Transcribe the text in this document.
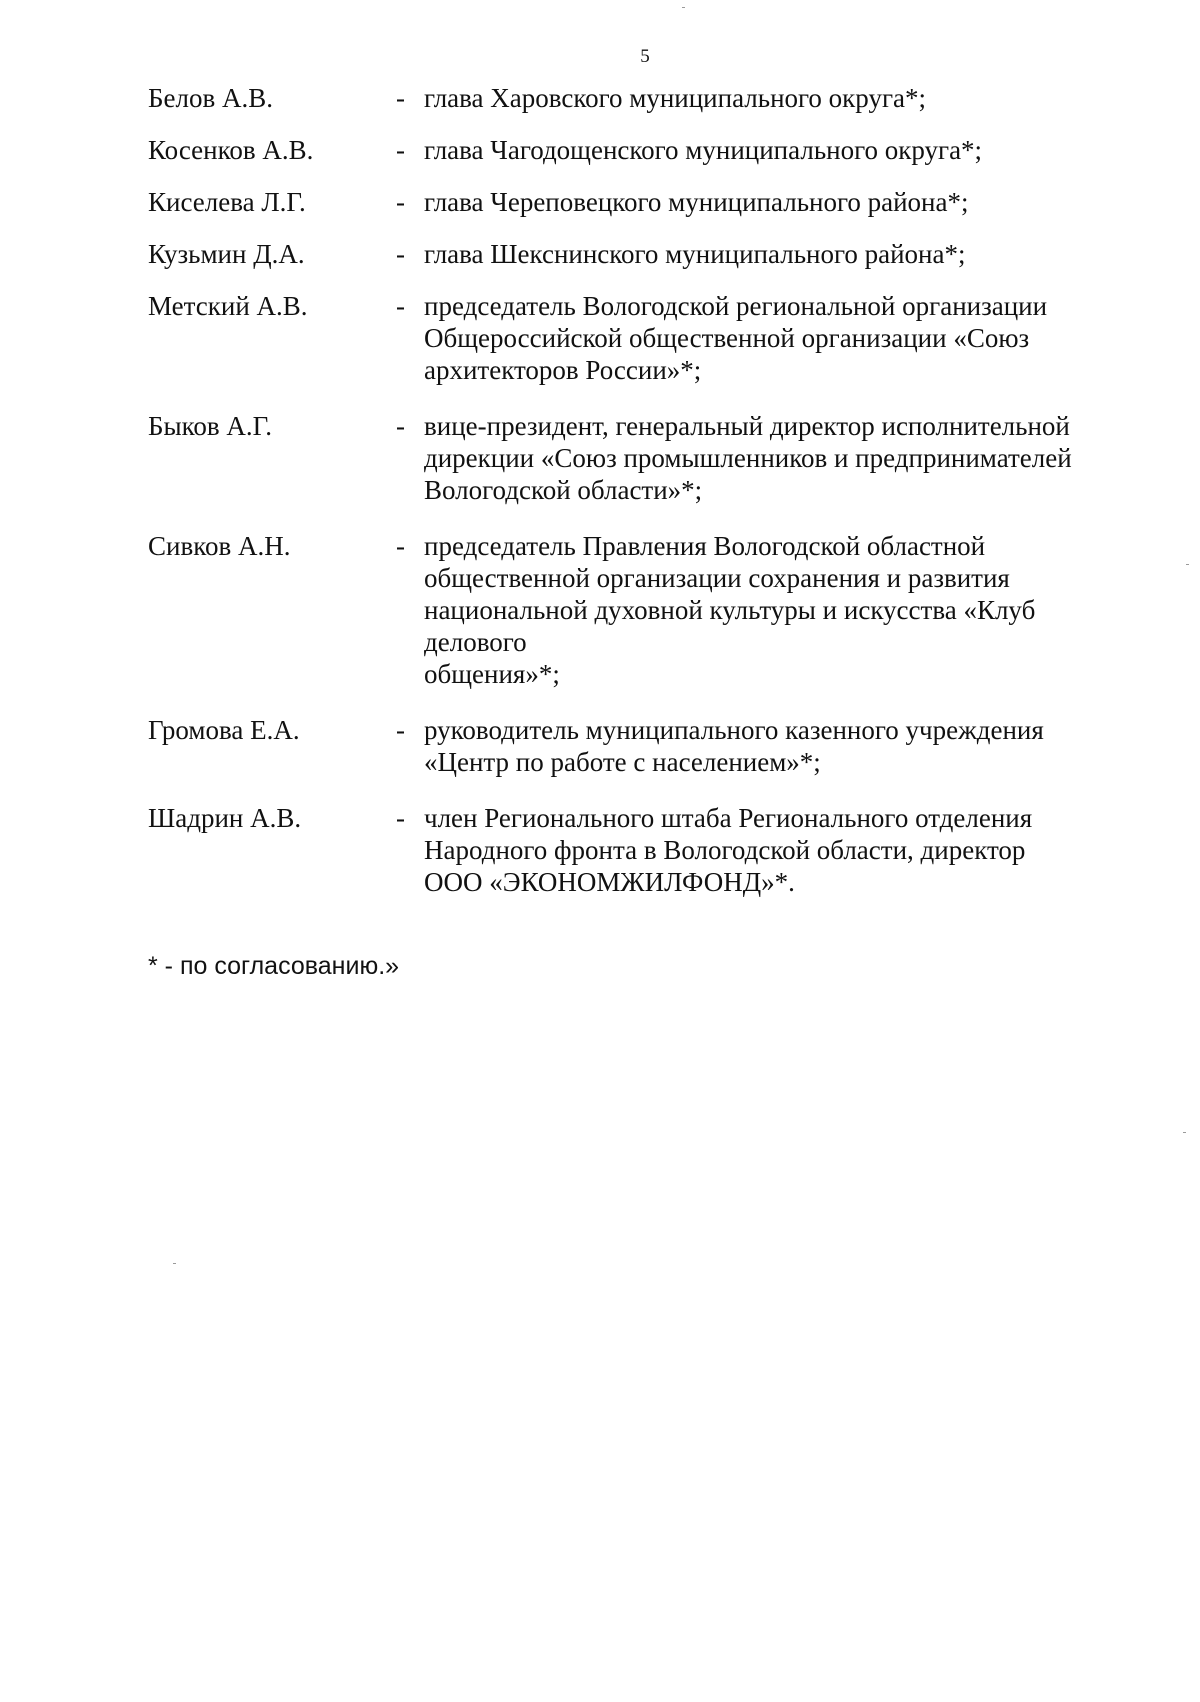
5
Белов А.В.	- глава Харовского муниципального округа*;
Косенков А.В.	- глава Чагодощенского муниципального округа*;
Киселева Л.Г.	- глава Череповецкого муниципального района*;
Кузьмин Д.А.	- глава Шекснинского муниципального района*;
Метский А.В.	- председатель Вологодской региональной организации
Общероссийской общественной организации «Союз
архитекторов России»*;
Быков А.Г.	- вице-президент, генеральный директор исполнительной
дирекции «Союз промышленников и предпринимателей
Вологодской области»*;
Сивков А.Н.	- председатель Правления Вологодской областной
общественной организации сохранения и развития
национальной духовной культуры и искусства «Клуб
делового
общения»*;
Громова Е.А.	- руководитель муниципального казенного учреждения
«Центр по работе с населением»*;
Шадрин А.В.	- член Регионального штаба Регионального отделения
Народного фронта в Вологодской области, директор
ООО «ЭКОНОМЖИЛФОНД»*.
* - по согласованию.»
